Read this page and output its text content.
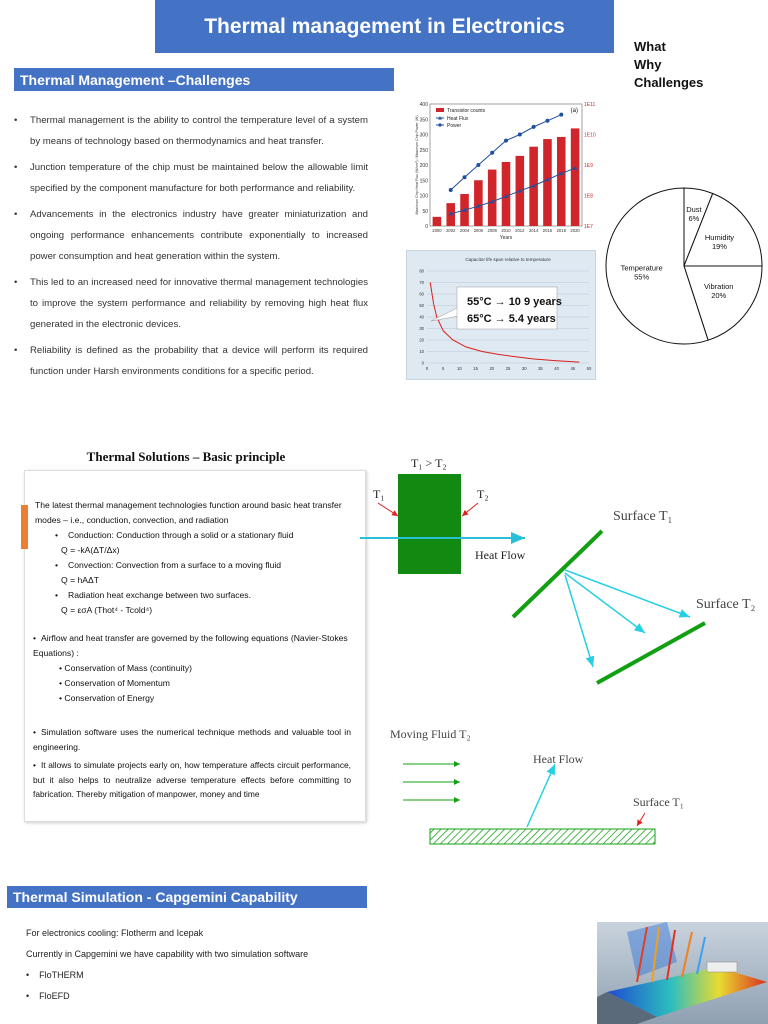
Thermal management in Electronics
What
Why
Challenges
Thermal Management –Challenges
• Thermal management is the ability to control the temperature level of a system by means of technology based on thermodynamics and heat transfer.
• Junction temperature of the chip must be maintained below the allowable limit specified by the component manufacture for both performance and reliability.
• Advancements in the electronics industry have greater miniaturization and ongoing performance enhancements contribute exponentially to increased power consumption and heat generation within the system.
• This led to an increased need for innovative thermal management technologies to improve the system performance and reliability by removing high heat flux generated in the electronic devices.
• Reliability is defined as the probability that a device will perform its required function under Harsh environments conditions for a specific period.
0
50
100
150
200
250
300
350
400
1E7
1E8
1E9
1E10
1E11
2000 2002 2004 2006 2008 2010 2012 2014 2016 2018 2020
Years
Maximum Chip Heat Flux (W/cm²) / Maximum Chip Power (W)
Transistor counts
Heat Flux
Power
(a)
Capacitor life span relative to temperature
0
10
20
30
40
50
60
70
80
0	5	10	15	20	25	30	35	40	45	50
55°C → 10 9 years
65°C → 5.4 years
Dust
6%
Humidity
19%
Vibration
20%
Temperature
55%
Thermal Solutions – Basic principle
The latest thermal management technologies function around basic heat transfer modes – i.e., conduction, convection, and radiation
• Conduction: Conduction through a solid or a stationary fluid
Q = -kA(ΔT/Δx)
• Convection: Convection from a surface to a moving fluid
Q = hAΔT
• Radiation heat exchange between two surfaces.
Q = εσA (Thot⁴ - Tcold⁴)
• Airflow and heat transfer are governed by the following equations (Navier-Stokes Equations) :
• Conservation of Mass (continuity)
• Conservation of Momentum
• Conservation of Energy
• Simulation software uses the numerical technique methods and valuable tool in engineering.
• It allows to simulate projects early on, how temperature affects circuit performance, but it also helps to neutralize adverse temperature effects before committing to fabrication. Thereby mitigation of manpower, money and time
T₁ > T₂
T₁	T₂
Heat Flow
Surface T₁
Surface T₂
Moving Fluid T₂
Heat Flow
Surface T₁
Thermal Simulation - Capgemini Capability
For electronics cooling: Flotherm and Icepak
Currently in Capgemini we have capability with two simulation software
• FloTHERM
• FloEFD
